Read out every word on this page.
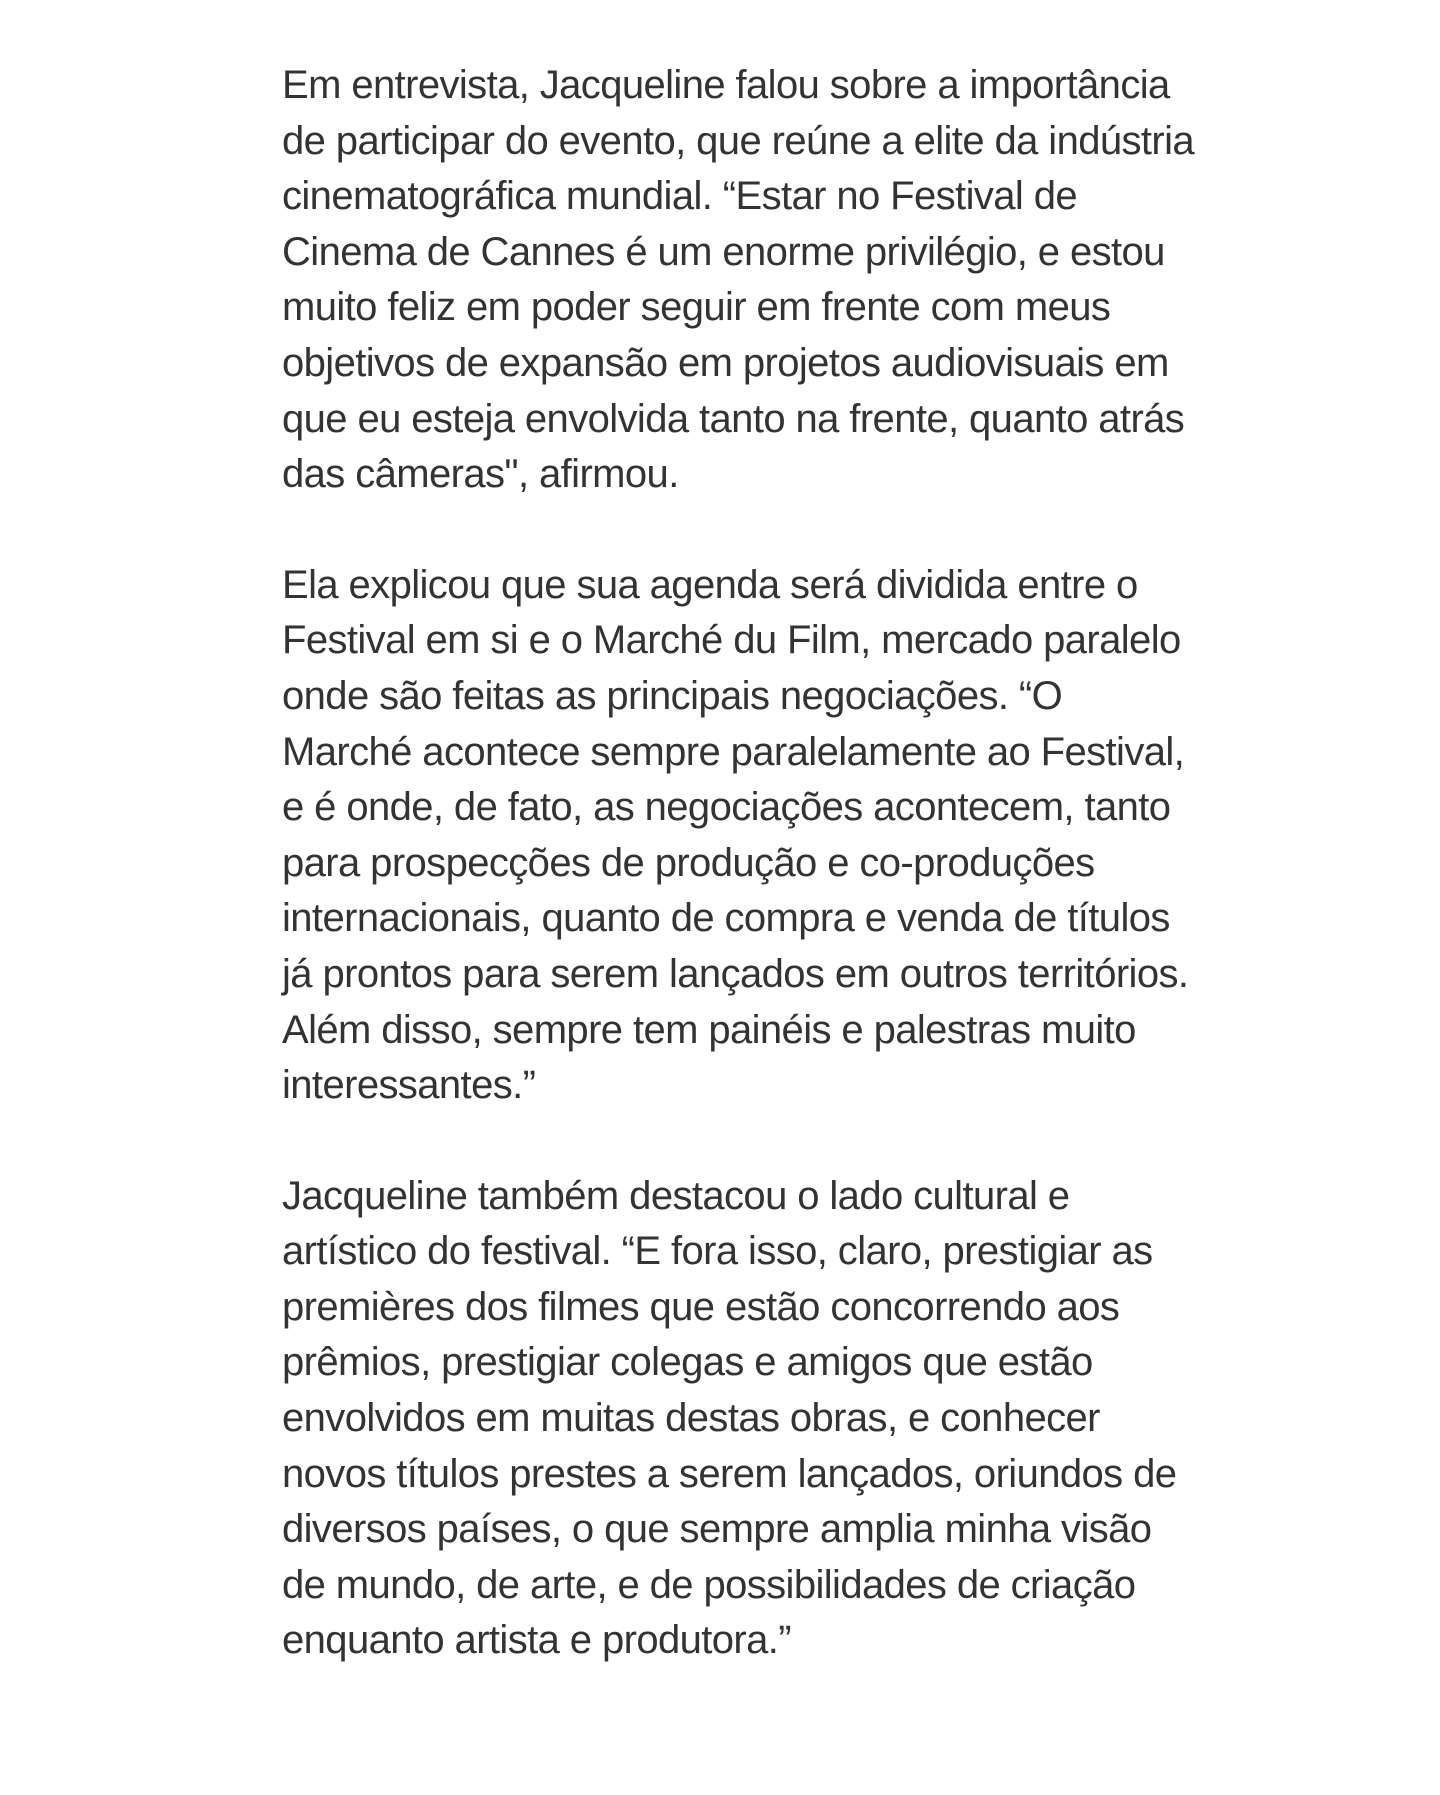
Em entrevista, Jacqueline falou sobre a importância de participar do evento, que reúne a elite da indústria cinematográfica mundial. “Estar no Festival de Cinema de Cannes é um enorme privilégio, e estou muito feliz em poder seguir em frente com meus objetivos de expansão em projetos audiovisuais em que eu esteja envolvida tanto na frente, quanto atrás das câmeras", afirmou.

Ela explicou que sua agenda será dividida entre o Festival em si e o Marché du Film, mercado paralelo onde são feitas as principais negociações. “O Marché acontece sempre paralelamente ao Festival, e é onde, de fato, as negociações acontecem, tanto para prospecções de produção e co-produções internacionais, quanto de compra e venda de títulos já prontos para serem lançados em outros territórios. Além disso, sempre tem painéis e palestras muito interessantes.”

Jacqueline também destacou o lado cultural e artístico do festival. “E fora isso, claro, prestigiar as premières dos filmes que estão concorrendo aos prêmios, prestigiar colegas e amigos que estão envolvidos em muitas destas obras, e conhecer novos títulos prestes a serem lançados, oriundos de diversos países, o que sempre amplia minha visão de mundo, de arte, e de possibilidades de criação enquanto artista e produtora.”
